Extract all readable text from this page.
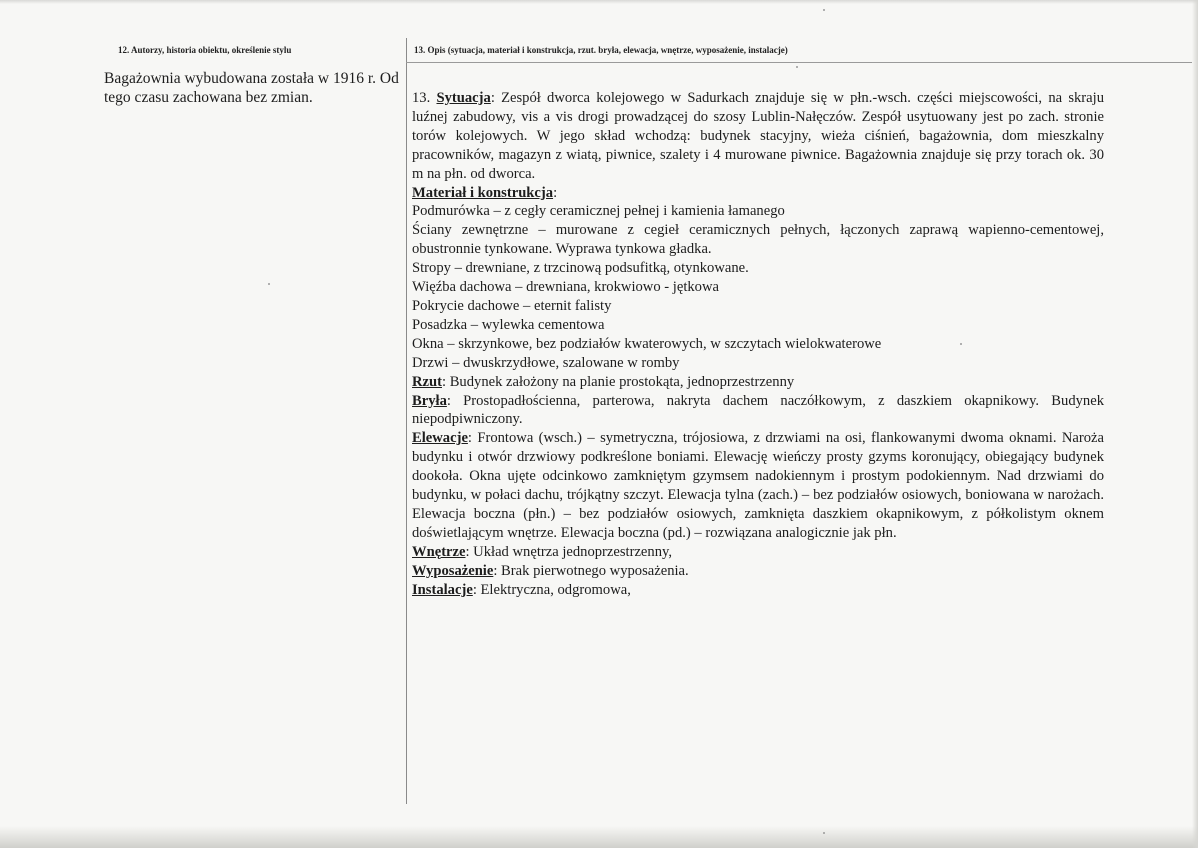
12. Autorzy, historia obiektu, określenie stylu

Bagażownia wybudowana została w 1916 r. Od tego czasu zachowana bez zmian.

13. Opis (sytuacja, materiał i konstrukcja, rzut. bryła, elewacja, wnętrze, wyposażenie, instalacje)

13. Sytuacja: Zespół dworca kolejowego w Sadurkach znajduje się w płn.-wsch. części miejscowości, na skraju luźnej zabudowy, vis a vis drogi prowadzącej do szosy Lublin-Nałęczów. Zespół usytuowany jest po zach. stronie torów kolejowych. W jego skład wchodzą: budynek stacyjny, wieża ciśnień, bagażownia, dom mieszkalny pracowników, magazyn z wiatą, piwnice, szalety i 4 murowane piwnice. Bagażownia znajduje się przy torach ok. 30 m na płn. od dworca.

Materiał i konstrukcja:

Podmurówka – z cegły ceramicznej pełnej i kamienia łamanego

Ściany zewnętrzne – murowane z cegieł ceramicznych pełnych, łączonych zaprawą wapienno-cementowej, obustronnie tynkowane. Wyprawa tynkowa gładka.

Stropy – drewniane, z trzcinową podsufitką, otynkowane.

Więźba dachowa – drewniana, krokwiowo - jętkowa

Pokrycie dachowe – eternit falisty

Posadzka – wylewka cementowa

Okna – skrzynkowe, bez podziałów kwaterowych, w szczytach wielokwaterowe

Drzwi – dwuskrzydłowe, szalowane w romby

Rzut: Budynek założony na planie prostokąta, jednoprzestrzenny

Bryła: Prostopadłościenna, parterowa, nakryta dachem naczółkowym, z daszkiem okapnikowy. Budynek niepodpiwniczony.

Elewacje: Frontowa (wsch.) – symetryczna, trójosiowa, z drzwiami na osi, flankowanymi dwoma oknami. Naroża budynku i otwór drzwiowy podkreślone boniami. Elewację wieńczy prosty gzyms koronujący, obiegający budynek dookoła. Okna ujęte odcinkowo zamkniętym gzymsem nadokiennym i prostym podokiennym. Nad drzwiami do budynku, w połaci dachu, trójkątny szczyt. Elewacja tylna (zach.) – bez podziałów osiowych, boniowana w narożach. Elewacja boczna (płn.) – bez podziałów osiowych, zamknięta daszkiem okapnikowym, z półkolistym oknem doświetlającym wnętrze. Elewacja boczna (pd.) – rozwiązana analogicznie jak płn.

Wnętrze: Układ wnętrza jednoprzestrzenny,

Wyposażenie: Brak pierwotnego wyposażenia.

Instalacje: Elektryczna, odgromowa,
